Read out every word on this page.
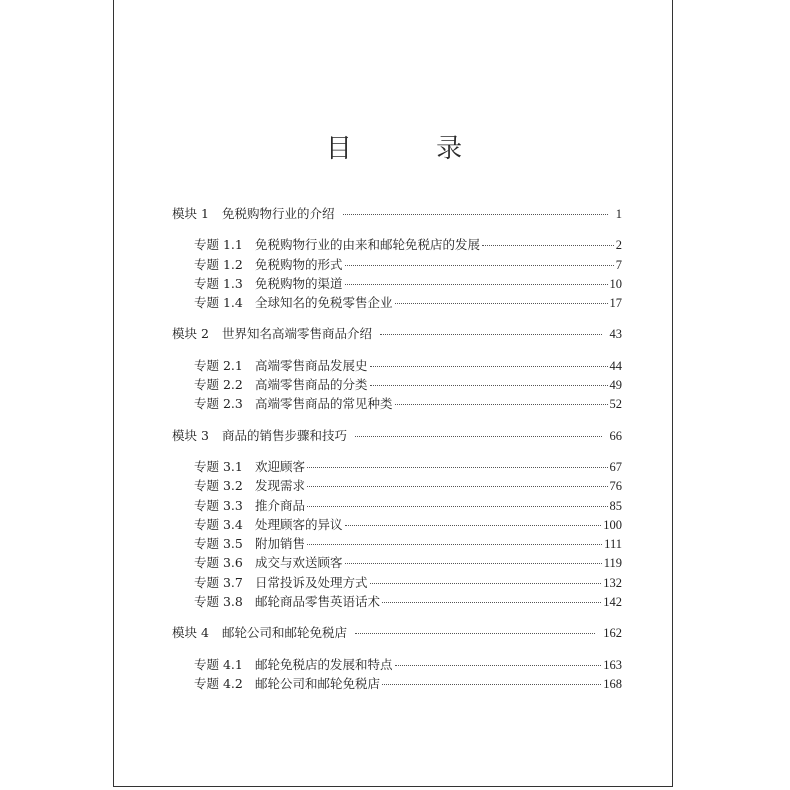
目 录
模块 1 免税购物行业的介绍	1
专题 1.1 免税购物行业的由来和邮轮免税店的发展	2
专题 1.2 免税购物的形式	7
专题 1.3 免税购物的渠道	10
专题 1.4 全球知名的免税零售企业	17
模块 2 世界知名高端零售商品介绍	43
专题 2.1 高端零售商品发展史	44
专题 2.2 高端零售商品的分类	49
专题 2.3 高端零售商品的常见种类	52
模块 3 商品的销售步骤和技巧	66
专题 3.1 欢迎顾客	67
专题 3.2 发现需求	76
专题 3.3 推介商品	85
专题 3.4 处理顾客的异议	100
专题 3.5 附加销售	111
专题 3.6 成交与欢送顾客	119
专题 3.7 日常投诉及处理方式	132
专题 3.8 邮轮商品零售英语话术	142
模块 4 邮轮公司和邮轮免税店	162
专题 4.1 邮轮免税店的发展和特点	163
专题 4.2 邮轮公司和邮轮免税店	168
